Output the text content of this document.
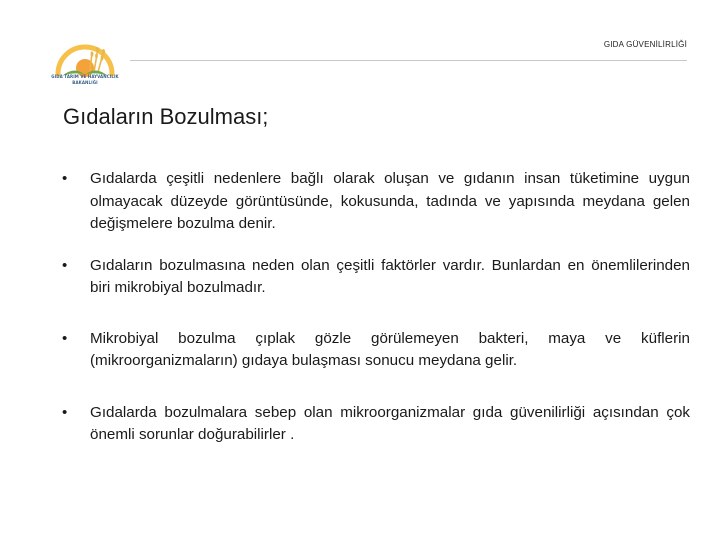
GIDA TARIM VE HAYVANCILIK
BAKANLIĞI
GIDA GÜVENİLİRLİĞİ
Gıdaların Bozulması;
• Gıdalarda çeşitli nedenlere bağlı olarak oluşan ve gıdanın insan tüketimine uygun olmayacak düzeyde görüntüsünde, kokusunda, tadında ve yapısında meydana gelen değişmelere bozulma denir.
• Gıdaların bozulmasına neden olan çeşitli faktörler vardır. Bunlardan en önemlilerinden biri mikrobiyal bozulmadır.
• Mikrobiyal bozulma çıplak gözle görülemeyen bakteri, maya ve küflerin (mikroorganizmaların) gıdaya bulaşması sonucu meydana gelir.
• Gıdalarda bozulmalara sebep olan mikroorganizmalar gıda güvenilirliği açısından çok önemli sorunlar doğurabilirler .
